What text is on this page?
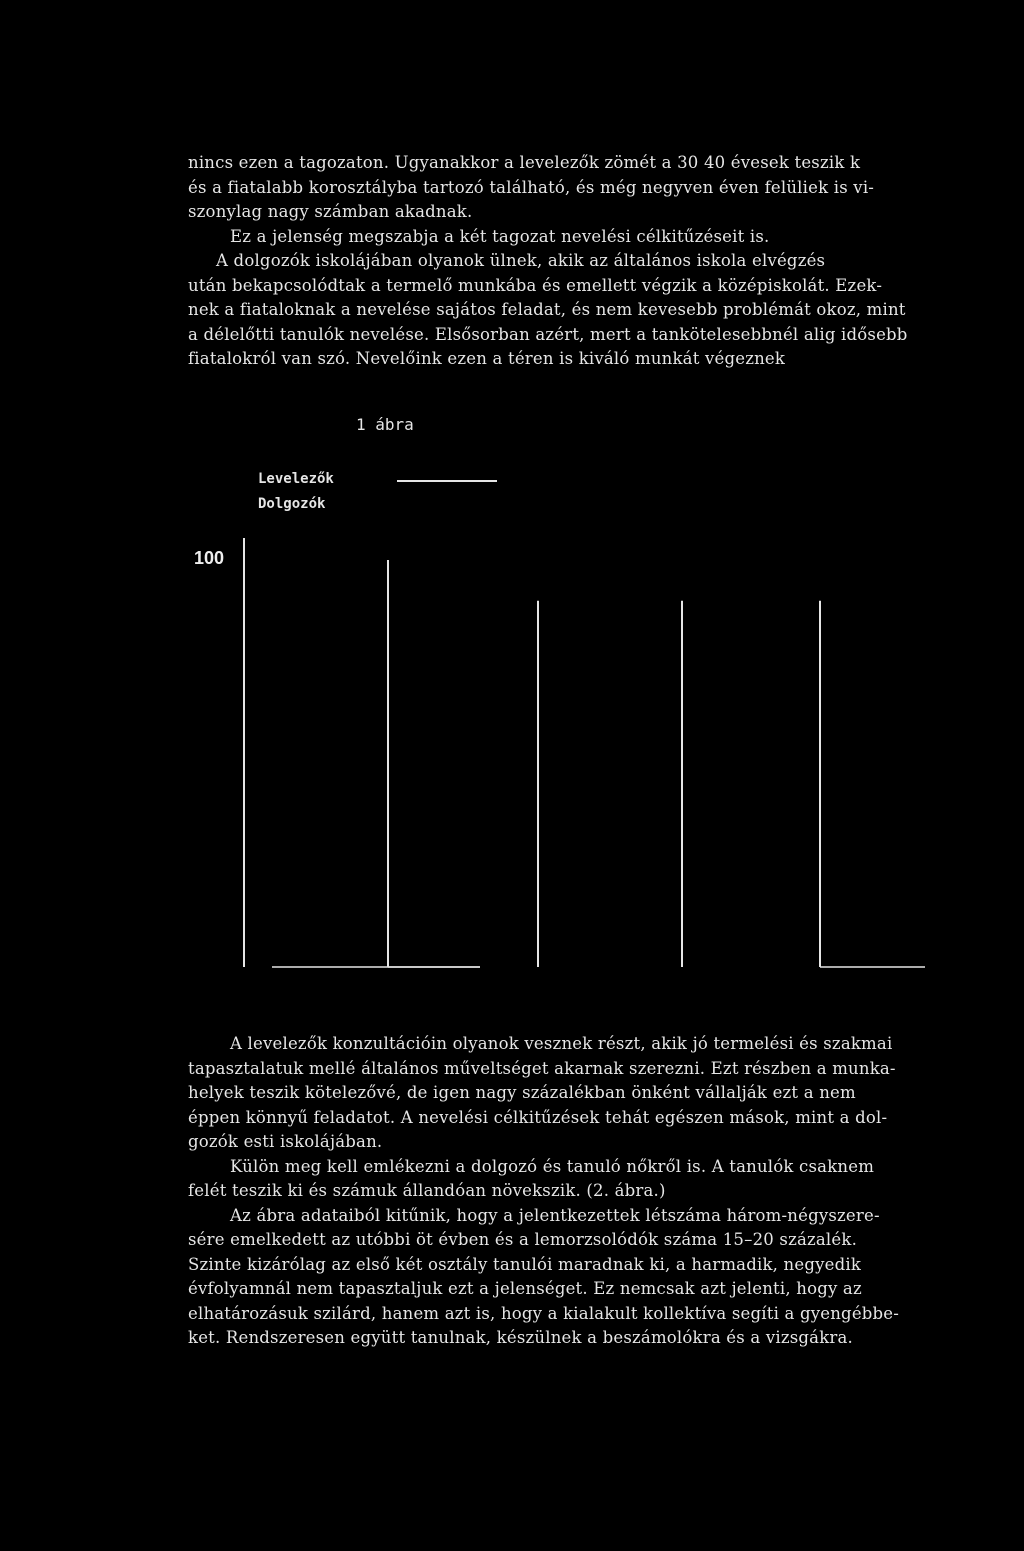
nincs ezen a tagozaton. Ugyanakkor a levelezők zömét a 30 40 évesek teszik k
és a fiatalabb korosztályba tartozó található, és még negyven éven felüliek is vi-
szonylag nagy számban akadnak.
Ez a jelenség megszabja a két tagozat nevelési célkitűzéseit is.
A dolgozók iskolájában olyanok ülnek, akik az általános iskola elvégzés
után bekapcsolódtak a termelő munkába és emellett végzik a középiskolát. Ezek-
nek a fiataloknak a nevelése sajátos feladat, és nem kevesebb problémát okoz, mint
a délelőtti tanulók nevelése. Elsősorban azért, mert a tankötelesebbnél alig idősebb
fiatalokról van szó. Nevelőink ezen a téren is kiváló munkát végeznek
1 ábra
Levelezők
Dolgozók
100
A levelezők konzultációin olyanok vesznek részt, akik jó termelési és szakmai
tapasztalatuk mellé általános műveltséget akarnak szerezni. Ezt részben a munka-
helyek teszik kötelezővé, de igen nagy százalékban önként vállalják ezt a nem
éppen könnyű feladatot. A nevelési célkitűzések tehát egészen mások, mint a dol-
gozók esti iskolájában.
Külön meg kell emlékezni a dolgozó és tanuló nőkről is. A tanulók csaknem
felét teszik ki és számuk állandóan növekszik. (2. ábra.)
Az ábra adataiból kitűnik, hogy a jelentkezettek létszáma három-négyszere-
sére emelkedett az utóbbi öt évben és a lemorzsolódók száma 15–20 százalék.
Szinte kizárólag az első két osztály tanulói maradnak ki, a harmadik, negyedik
évfolyamnál nem tapasztaljuk ezt a jelenséget. Ez nemcsak azt jelenti, hogy az
elhatározásuk szilárd, hanem azt is, hogy a kialakult kollektíva segíti a gyengébbe-
ket. Rendszeresen együtt tanulnak, készülnek a beszámolókra és a vizsgákra.
